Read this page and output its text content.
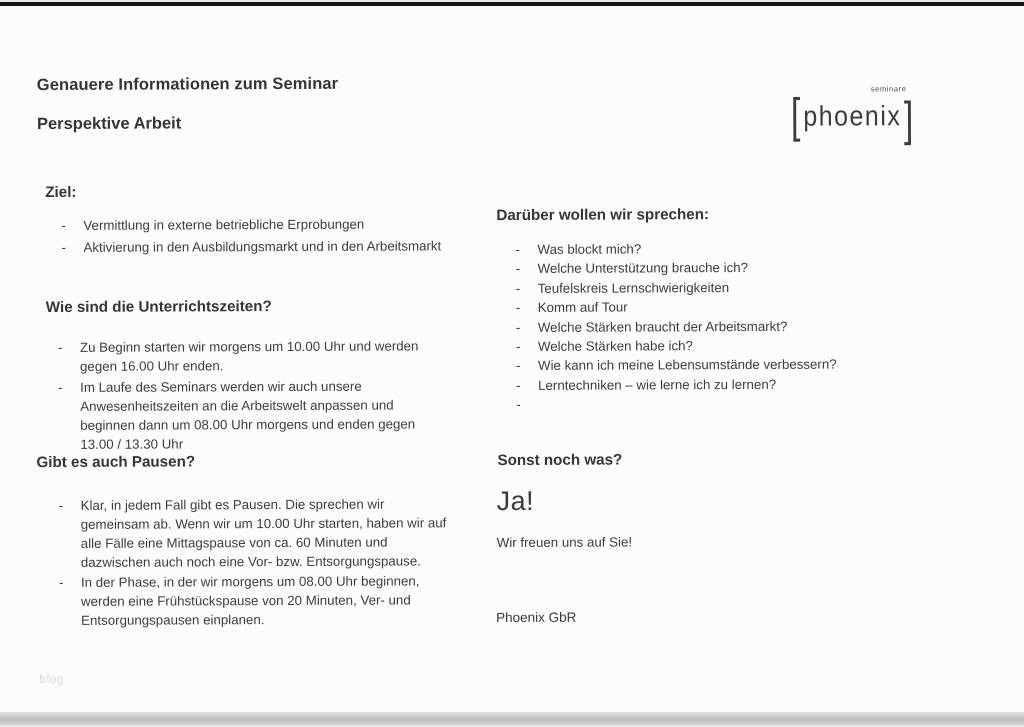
Genauere Informationen zum Seminar
Perspektive Arbeit
seminare
[ phoenix ]
Ziel:
- Vermittlung in externe betriebliche Erprobungen
- Aktivierung in den Ausbildungsmarkt und in den Arbeitsmarkt
Wie sind die Unterrichtszeiten?
- Zu Beginn starten wir morgens um 10.00 Uhr und werden gegen 16.00 Uhr enden.
- Im Laufe des Seminars werden wir auch unsere Anwesenheitszeiten an die Arbeitswelt anpassen und beginnen dann um 08.00 Uhr morgens und enden gegen 13.00 / 13.30 Uhr
Gibt es auch Pausen?
- Klar, in jedem Fall gibt es Pausen. Die sprechen wir gemeinsam ab. Wenn wir um 10.00 Uhr starten, haben wir auf alle Fälle eine Mittagspause von ca. 60 Minuten und dazwischen auch noch eine Vor- bzw. Entsorgungspause.
- In der Phase, in der wir morgens um 08.00 Uhr beginnen, werden eine Frühstückspause von 20 Minuten, Ver- und Entsorgungspausen einplanen.
Darüber wollen wir sprechen:
- Was blockt mich?
- Welche Unterstützung brauche ich?
- Teufelskreis Lernschwierigkeiten
- Komm auf Tour
- Welche Stärken braucht der Arbeitsmarkt?
- Welche Stärken habe ich?
- Wie kann ich meine Lebensumstände verbessern?
- Lerntechniken – wie lerne ich zu lernen?
-
Sonst noch was?
Ja!
Wir freuen uns auf Sie!
Phoenix GbR
blog
